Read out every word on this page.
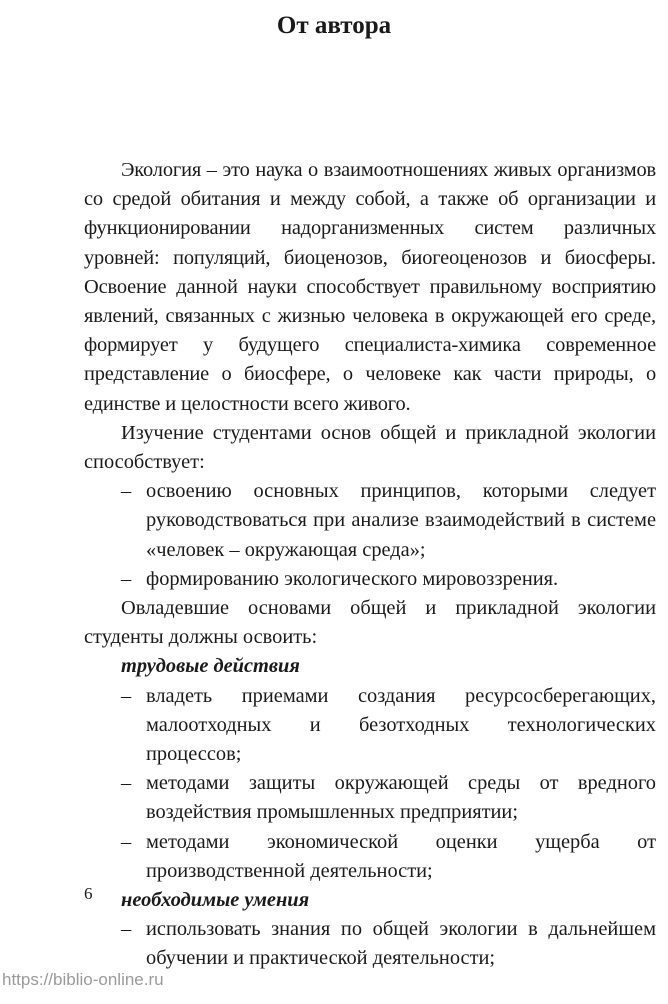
От автора

Экология – это наука о взаимоотношениях живых организмов со средой обитания и между собой, а также об организации и функционировании надорганизменных систем различных уровней: популяций, биоценозов, биогеоценозов и биосферы. Освоение данной науки способствует правильному восприятию явлений, связанных с жизнью человека в окружающей его среде, формирует у будущего специалиста-химика современное представление о биосфере, о человеке как части природы, о единстве и целостности всего живого.

Изучение студентами основ общей и прикладной экологии способствует:

– освоению основных принципов, которыми следует руководствоваться при анализе взаимодействий в системе «человек – окружающая среда»;
– формированию экологического мировоззрения.

Овладевшие основами общей и прикладной экологии студенты должны освоить:

трудовые действия

– владеть приемами создания ресурсосберегающих, малоотходных и безотходных технологических процессов;
– методами защиты окружающей среды от вредного воздействия промышленных предприятии;
– методами экономической оценки ущерба от производственной деятельности;

необходимые умения

– использовать знания по общей экологии в дальнейшем обучении и практической деятельности;
6
https://biblio-online.ru
